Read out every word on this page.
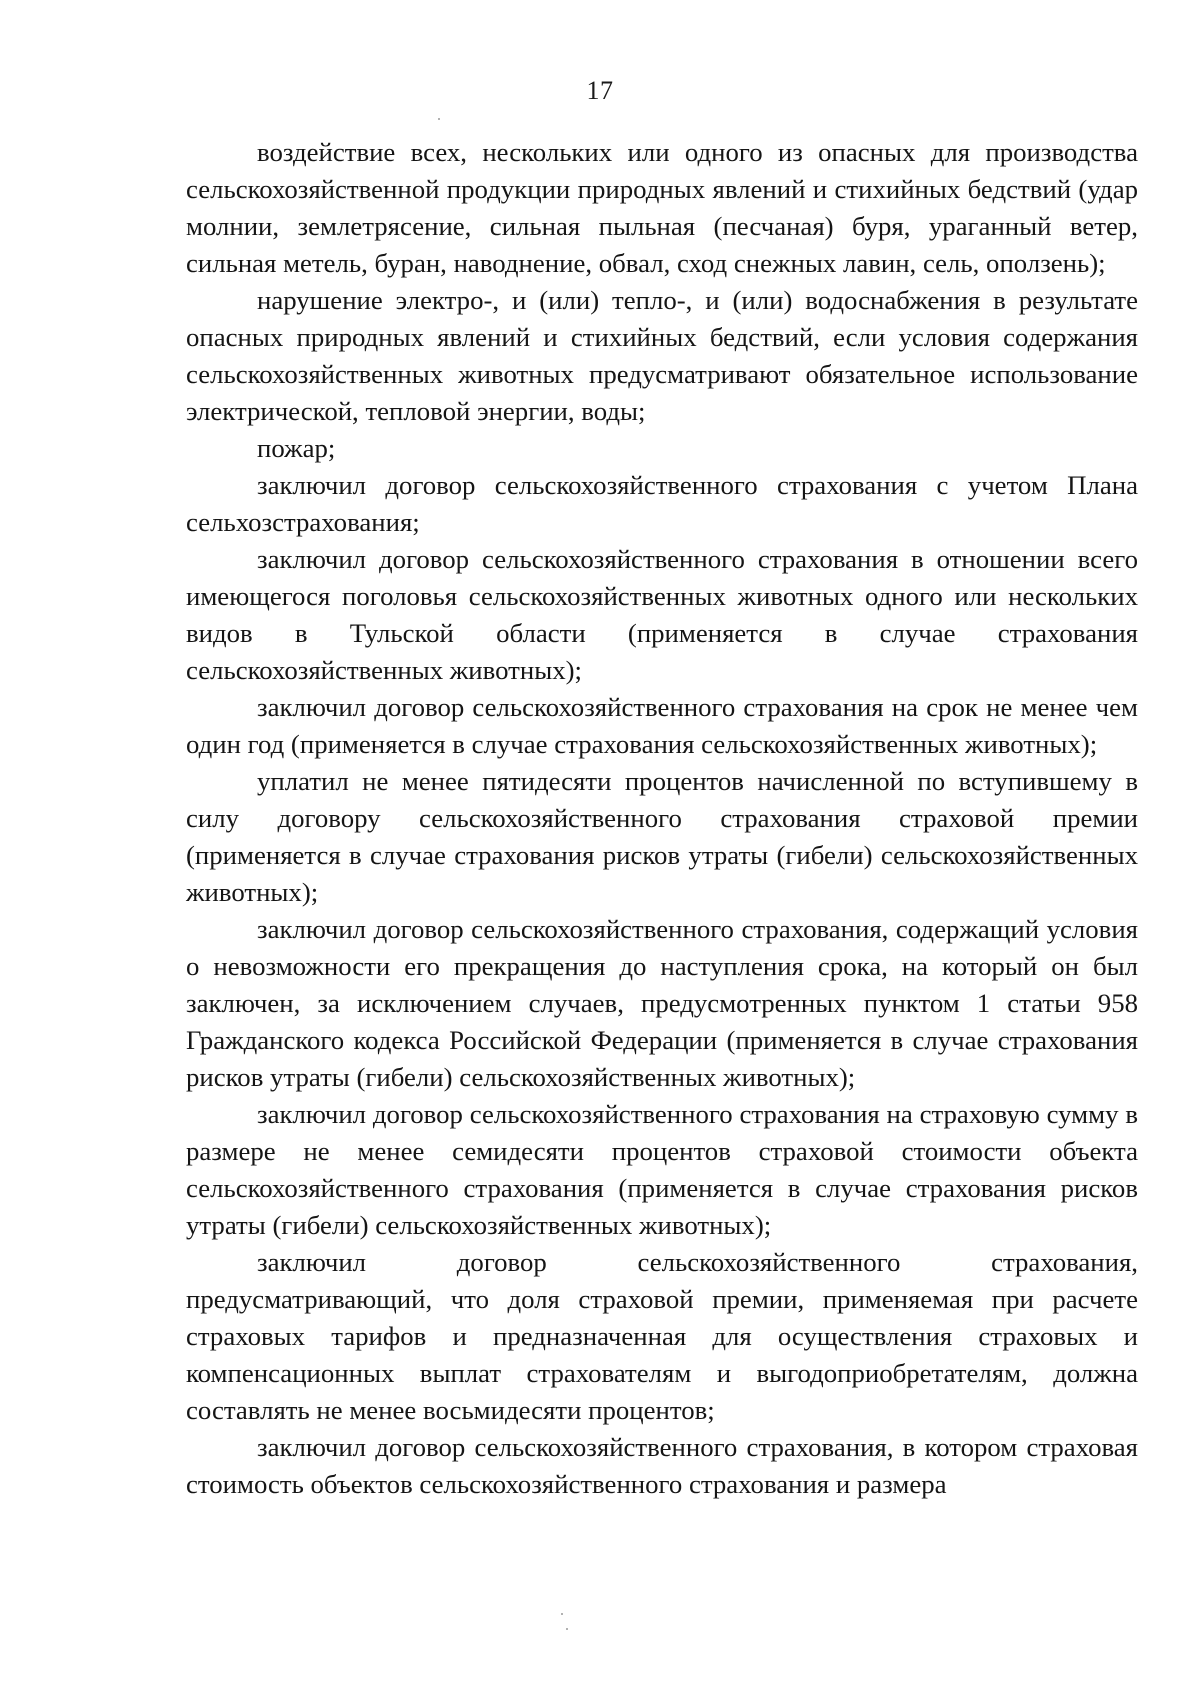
17

воздействие всех, нескольких или одного из опасных для производства сельскохозяйственной продукции природных явлений и стихийных бедствий (удар молнии, землетрясение, сильная пыльная (песчаная) буря, ураганный ветер, сильная метель, буран, наводнение, обвал, сход снежных лавин, сель, оползень);

нарушение электро-, и (или) тепло-, и (или) водоснабжения в результате опасных природных явлений и стихийных бедствий, если условия содержания сельскохозяйственных животных предусматривают обязательное использование электрической, тепловой энергии, воды;

пожар;

заключил договор сельскохозяйственного страхования с учетом Плана сельхозстрахования;

заключил договор сельскохозяйственного страхования в отношении всего имеющегося поголовья сельскохозяйственных животных одного или нескольких видов в Тульской области (применяется в случае страхования сельскохозяйственных животных);

заключил договор сельскохозяйственного страхования на срок не менее чем один год (применяется в случае страхования сельскохозяйственных животных);

уплатил не менее пятидесяти процентов начисленной по вступившему в силу договору сельскохозяйственного страхования страховой премии (применяется в случае страхования рисков утраты (гибели) сельскохозяйственных животных);

заключил договор сельскохозяйственного страхования, содержащий условия о невозможности его прекращения до наступления срока, на который он был заключен, за исключением случаев, предусмотренных пунктом 1 статьи 958 Гражданского кодекса Российской Федерации (применяется в случае страхования рисков утраты (гибели) сельскохозяйственных животных);

заключил договор сельскохозяйственного страхования на страховую сумму в размере не менее семидесяти процентов страховой стоимости объекта сельскохозяйственного страхования (применяется в случае страхования рисков утраты (гибели) сельскохозяйственных животных);

заключил договор сельскохозяйственного страхования, предусматривающий, что доля страховой премии, применяемая при расчете страховых тарифов и предназначенная для осуществления страховых и компенсационных выплат страхователям и выгодоприобретателям, должна составлять не менее восьмидесяти процентов;

заключил договор сельскохозяйственного страхования, в котором страховая стоимость объектов сельскохозяйственного страхования и размера
